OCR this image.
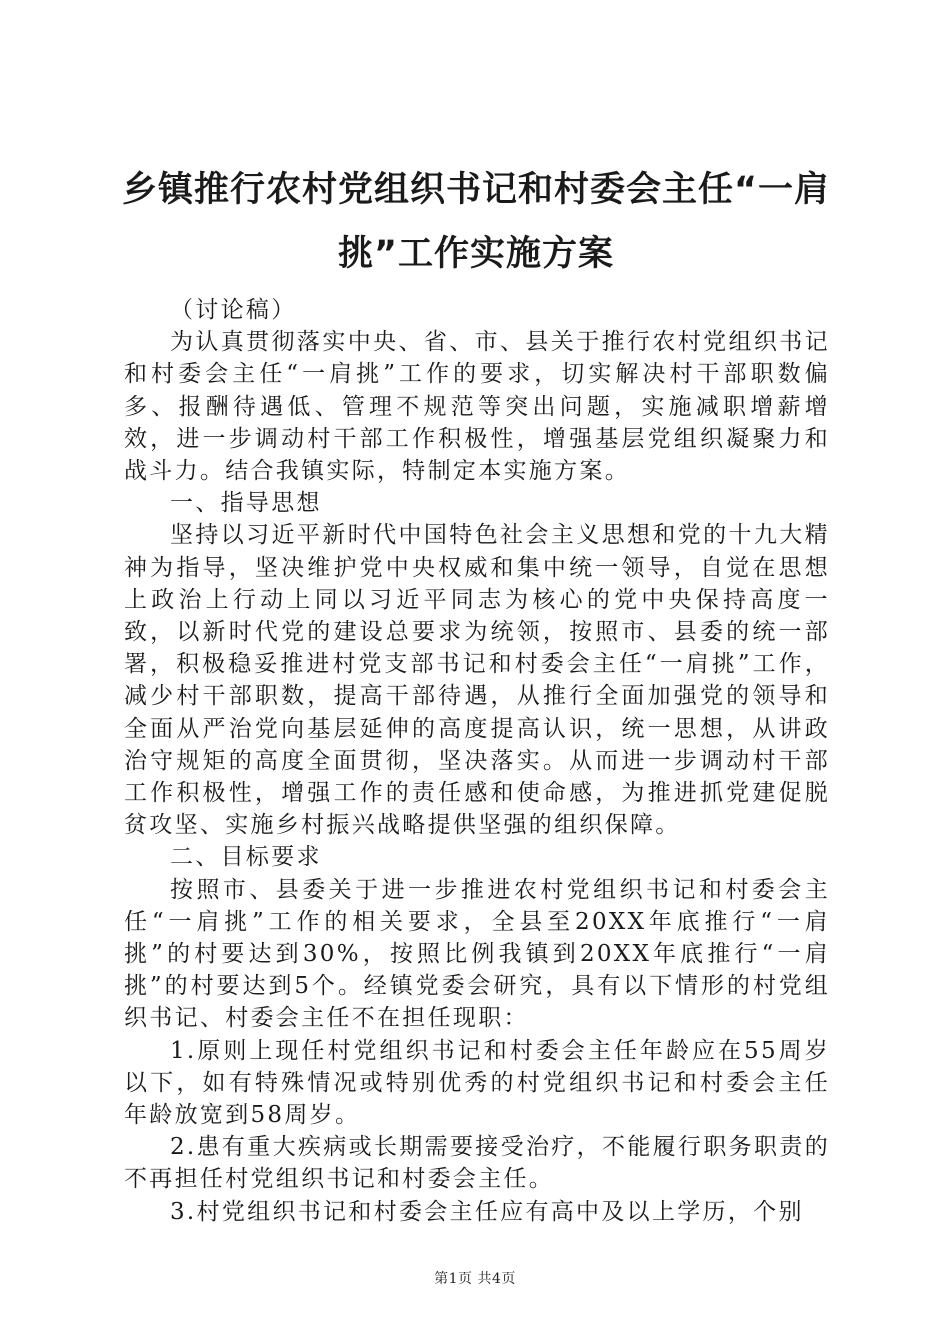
乡镇推行农村党组织书记和村委会主任“一肩挑”工作实施方案

（讨论稿）

为认真贯彻落实中央、省、市、县关于推行农村党组织书记和村委会主任“一肩挑”工作的要求，切实解决村干部职数偏多、报酬待遇低、管理不规范等突出问题，实施减职增薪增效，进一步调动村干部工作积极性，增强基层党组织凝聚力和战斗力。结合我镇实际，特制定本实施方案。

一、指导思想

坚持以习近平新时代中国特色社会主义思想和党的十九大精神为指导，坚决维护党中央权威和集中统一领导，自觉在思想上政治上行动上同以习近平同志为核心的党中央保持高度一致，以新时代党的建设总要求为统领，按照市、县委的统一部署，积极稳妥推进村党支部书记和村委会主任“一肩挑”工作，减少村干部职数，提高干部待遇，从推行全面加强党的领导和全面从严治党向基层延伸的高度提高认识，统一思想，从讲政治守规矩的高度全面贯彻，坚决落实。从而进一步调动村干部工作积极性，增强工作的责任感和使命感，为推进抓党建促脱贫攻坚、实施乡村振兴战略提供坚强的组织保障。

二、目标要求

按照市、县委关于进一步推进农村党组织书记和村委会主任“一肩挑”工作的相关要求，全县至20XX年底推行“一肩挑”的村要达到30%，按照比例我镇到20XX年底推行“一肩挑”的村要达到5个。经镇党委会研究，具有以下情形的村党组织书记、村委会主任不在担任现职：

1.原则上现任村党组织书记和村委会主任年龄应在55周岁以下，如有特殊情况或特别优秀的村党组织书记和村委会主任年龄放宽到58周岁。

2.患有重大疾病或长期需要接受治疗，不能履行职务职责的不再担任村党组织书记和村委会主任。

3.村党组织书记和村委会主任应有高中及以上学历，个别

第1页 共4页
